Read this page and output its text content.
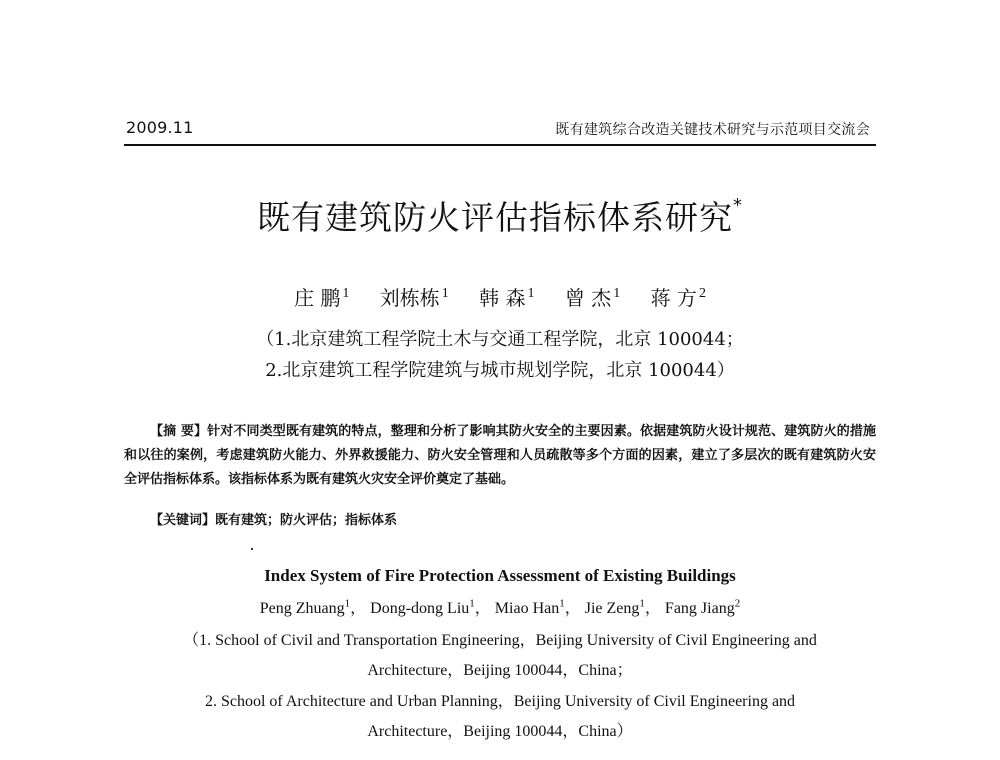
2009.11	既有建筑综合改造关键技术研究与示范项目交流会
既有建筑防火评估指标体系研究*
庄 鹏 $^1$ 刘栋栋 $^1$ 韩 森 $^1$ 曾 杰 $^1$ 蒋 方 $^2$
（1.北京建筑工程学院土木与交通工程学院，北京 100044；
2.北京建筑工程学院建筑与城市规划学院，北京 100044）
【摘 要】针对不同类型既有建筑的特点，整理和分析了影响其防火安全的主要因素。依据建筑防火设计规范、建筑防火的措施和以往的案例，考虑建筑防火能力、外界救援能力、防火安全管理和人员疏散等多个方面的因素，建立了多层次的既有建筑防火安全评估指标体系。该指标体系为既有建筑火灾安全评价奠定了基础。
【关键词】既有建筑；防火评估；指标体系
Index System of Fire Protection Assessment of Existing Buildings
Peng Zhuang$^1$， Dong-dong Liu$^1$， Miao Han$^1$， Jie Zeng$^1$， Fang Jiang$^2$
（1. School of Civil and Transportation Engineering，Beijing University of Civil Engineering and
Architecture，Beijing 100044，China；
2. School of Architecture and Urban Planning，Beijing University of Civil Engineering and
Architecture，Beijing 100044，China）
